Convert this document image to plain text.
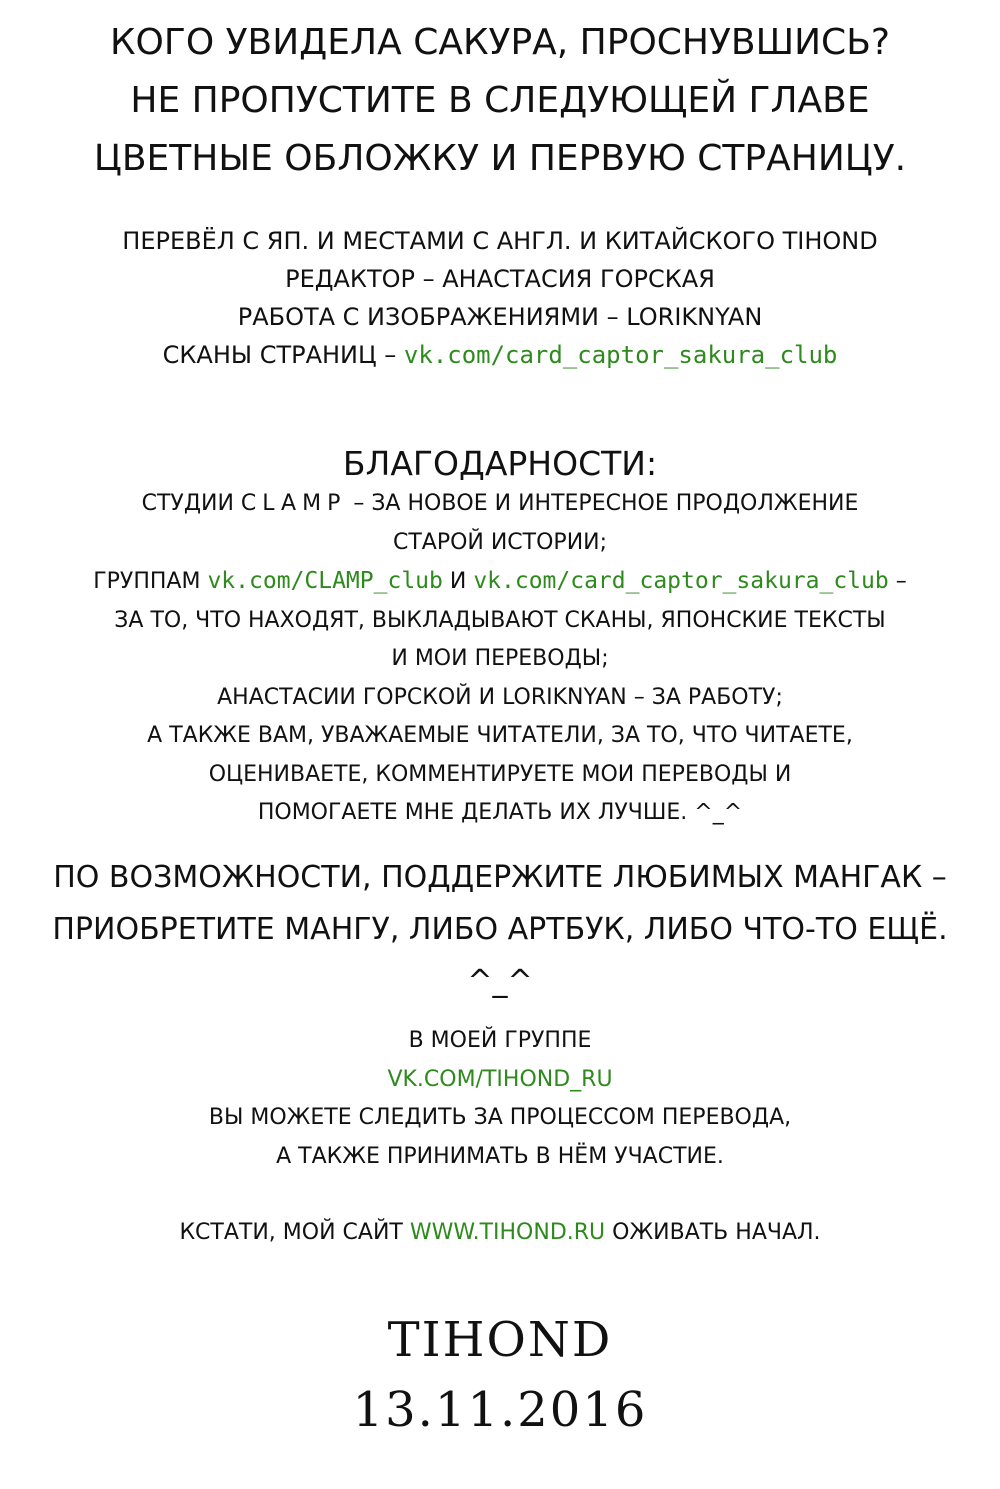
КОГО УВИДЕЛА САКУРА, ПРОСНУВШИСЬ?
НЕ ПРОПУСТИТЕ В СЛЕДУЮЩЕЙ ГЛАВЕ
ЦВЕТНЫЕ ОБЛОЖКУ И ПЕРВУЮ СТРАНИЦУ.
ПЕРЕВЁЛ С ЯП. И МЕСТАМИ С АНГЛ. И КИТАЙСКОГО TIHOND
РЕДАКТОР – АНАСТАСИЯ ГОРСКАЯ
РАБОТА С ИЗОБРАЖЕНИЯМИ – LORIKNYAN
СКАНЫ СТРАНИЦ – vk.com/card_captor_sakura_club
БЛАГОДАРНОСТИ:
СТУДИИ CLAMP – ЗА НОВОЕ И ИНТЕРЕСНОЕ ПРОДОЛЖЕНИЕ
СТАРОЙ ИСТОРИИ;
ГРУППАМ vk.com/CLAMP_club И vk.com/card_captor_sakura_club –
ЗА ТО, ЧТО НАХОДЯТ, ВЫКЛАДЫВАЮТ СКАНЫ, ЯПОНСКИЕ ТЕКСТЫ
И МОИ ПЕРЕВОДЫ;
АНАСТАСИИ ГОРСКОЙ И LORIKNYAN – ЗА РАБОТУ;
А ТАКЖЕ ВАМ, УВАЖАЕМЫЕ ЧИТАТЕЛИ, ЗА ТО, ЧТО ЧИТАЕТЕ,
ОЦЕНИВАЕТЕ, КОММЕНТИРУЕТЕ МОИ ПЕРЕВОДЫ И
ПОМОГАЕТЕ МНЕ ДЕЛАТЬ ИХ ЛУЧШЕ. ^_^
ПО ВОЗМОЖНОСТИ, ПОДДЕРЖИТЕ ЛЮБИМЫХ МАНГАК –
ПРИОБРЕТИТЕ МАНГУ, ЛИБО АРТБУК, ЛИБО ЧТО-ТО ЕЩЁ.
^_^
В МОЕЙ ГРУППЕ
VK.COM/TIHOND_RU
ВЫ МОЖЕТЕ СЛЕДИТЬ ЗА ПРОЦЕССОМ ПЕРЕВОДА,
А ТАКЖЕ ПРИНИМАТЬ В НЁМ УЧАСТИЕ.
КСТАТИ, МОЙ САЙТ WWW.TIHOND.RU ОЖИВАТЬ НАЧАЛ.
TIHOND
13.11.2016
